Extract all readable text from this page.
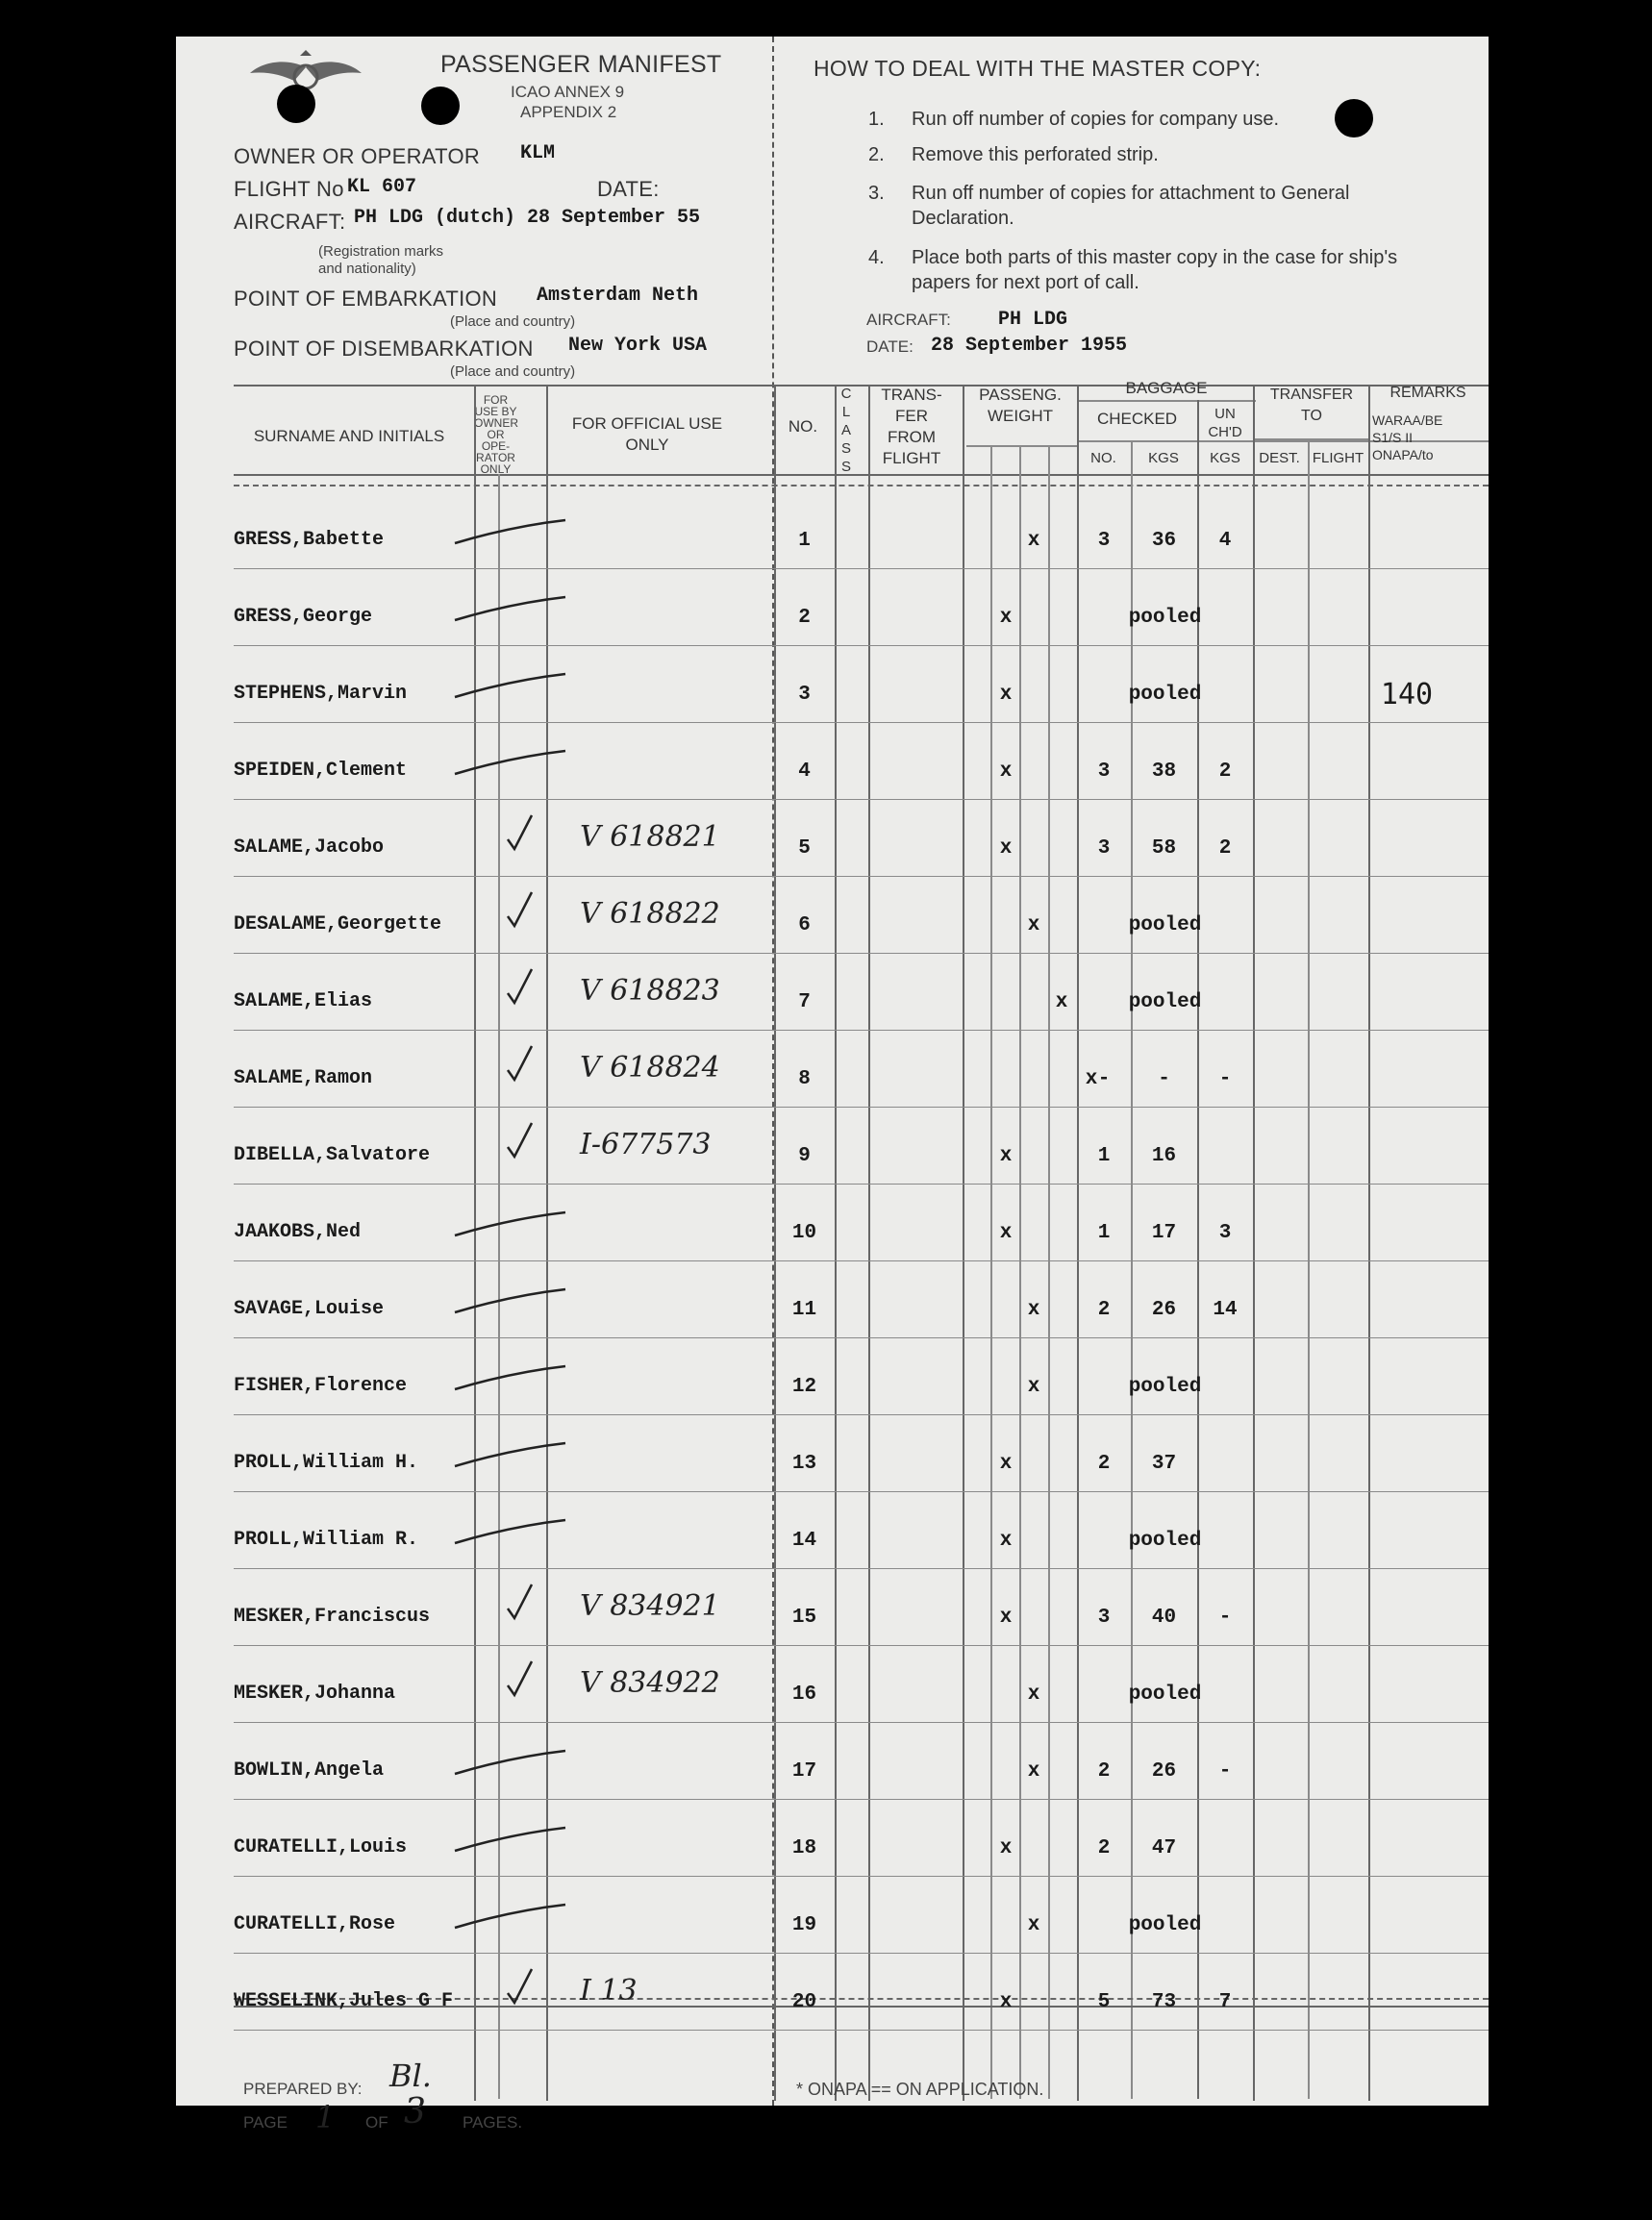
PASSENGER MANIFEST
ICAO ANNEX 9
APPENDIX 2
OWNER OR OPERATOR KLM
FLIGHT No KL 607	DATE:
AIRCRAFT: PH LDG (dutch) 28 September 55
(Registration marks
and nationality)
POINT OF EMBARKATION Amsterdam Neth
(Place and country)
POINT OF DISEMBARKATION New York USA
(Place and country)
HOW TO DEAL WITH THE MASTER COPY:
1. Run off number of copies for company use.
2. Remove this perforated strip.
3. Run off number of copies for attachment to General Declaration.
4. Place both parts of this master copy in the case for ship's papers for next port of call.
AIRCRAFT: PH LDG
DATE: 28 September 1955
SURNAME AND INITIALS
FOR USE BY OWNER OR OPE- RATOR ONLY
FOR OFFICIAL USE ONLY
NO.
CLASS
TRANS- FER FROM FLIGHT
PASSENG. WEIGHT
BAGGAGE
CHECKED	UN CH'D
NO.	KGS	KGS
TRANSFER TO
DEST. FLIGHT
REMARKS
WARAA/BE S1/S II ONAPA/to
GRESS,Babette	1	x	3	36	4
GRESS,George	2	x	pooled
STEPHENS,Marvin	3	x	pooled	140
SPEIDEN,Clement	4	x	3	38	2
SALAME,Jacobo	V 618821	5	x	3	58	2
DESALAME,Georgette	V 618822	6	x	pooled
SALAME,Elias	V 618823	7	x	pooled
SALAME,Ramon	V 618824	8	x -	-	-
DIBELLA,Salvatore	I-677573	9	x	1	16
JAAKOBS,Ned	10	x	1	17	3
SAVAGE,Louise	11	x	2	26	14
FISHER,Florence	12	x	pooled
PROLL,William H.	13	x	2	37
PROLL,William R.	14	x	pooled
MESKER,Franciscus	V 834921	15	x	3	40	-
MESKER,Johanna	V 834922	16	x	pooled
BOWLIN,Angela	17	x	2	26	-
CURATELLI,Louis	18	x	2	47
CURATELLI,Rose	19	x	pooled
WESSELINK,Jules G F	I 13	20	x	5	73	7
PREPARED BY: Bl.
PAGE 1 OF 3 PAGES.
* ONAPA == ON APPLICATION.
